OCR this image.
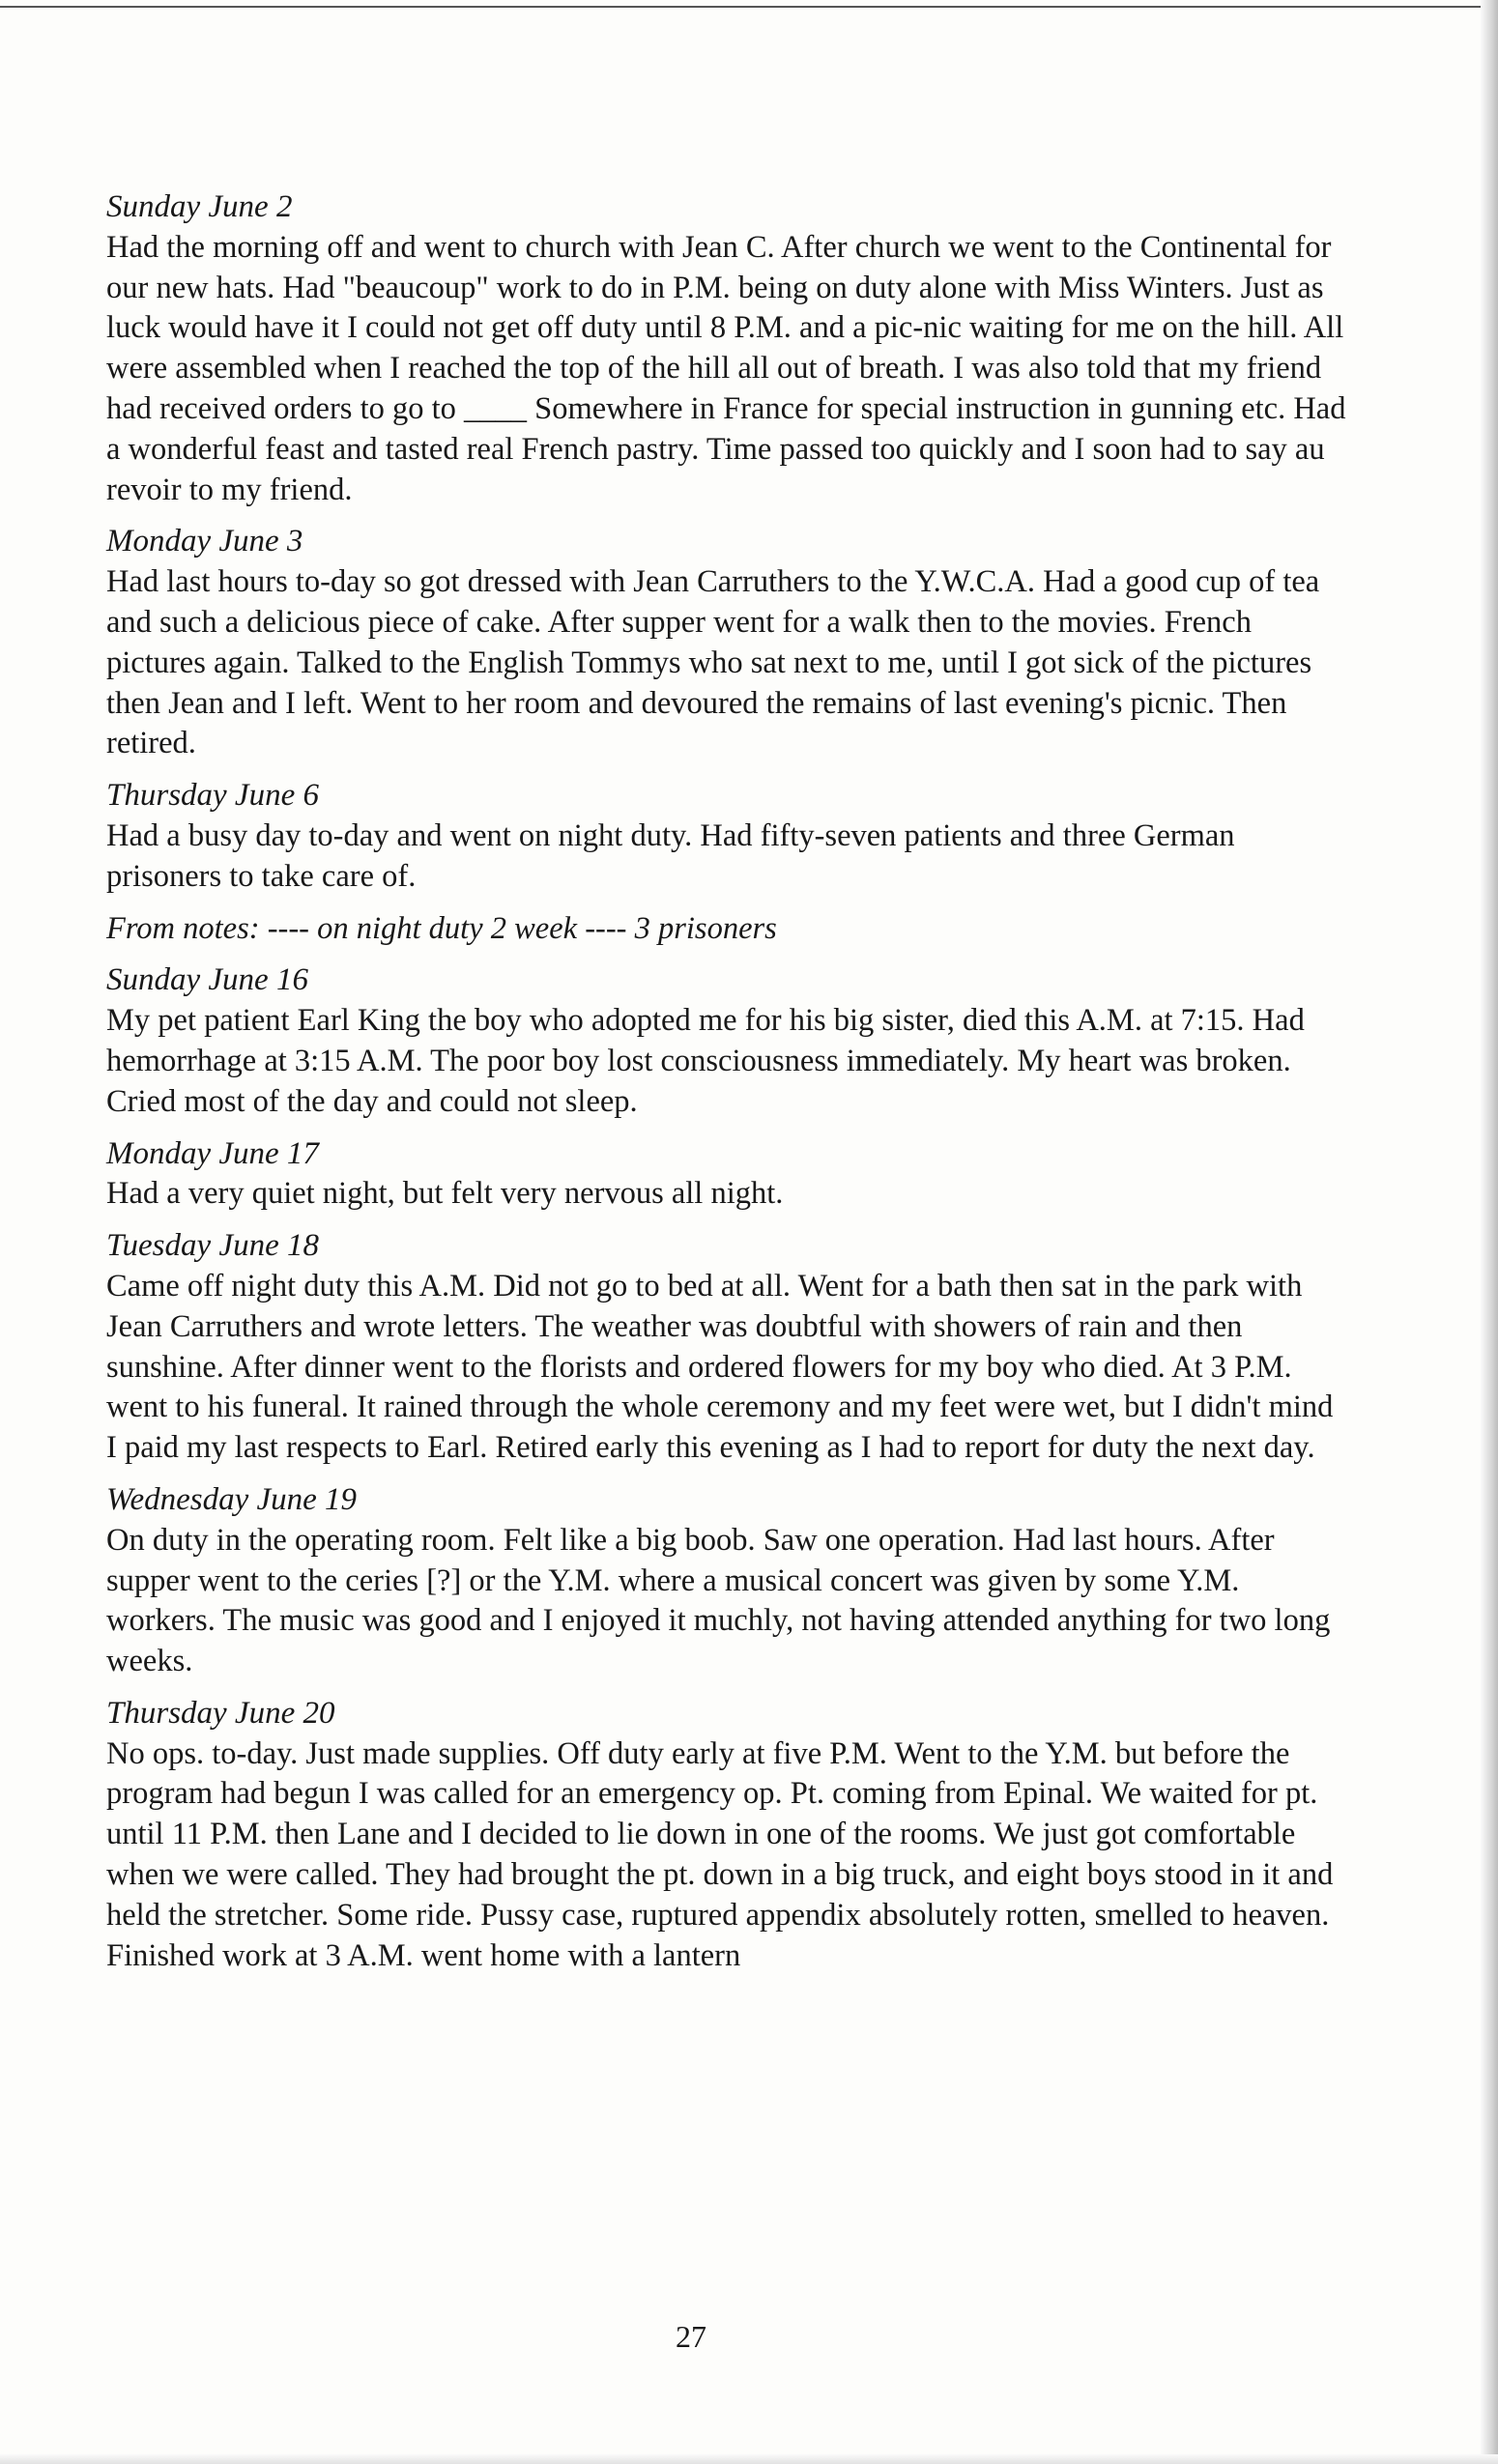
Sunday June 2
Had the morning off and went to church with Jean C. After church we went to the Continental for our new hats. Had "beaucoup" work to do in P.M. being on duty alone with Miss Winters. Just as luck would have it I could not get off duty until 8 P.M. and a pic-nic waiting for me on the hill. All were assembled when I reached the top of the hill all out of breath. I was also told that my friend had received orders to go to ____ Somewhere in France for special instruction in gunning etc. Had a wonderful feast and tasted real French pastry. Time passed too quickly and I soon had to say au revoir to my friend.
Monday June 3
Had last hours to-day so got dressed with Jean Carruthers to the Y.W.C.A. Had a good cup of tea and such a delicious piece of cake. After supper went for a walk then to the movies. French pictures again. Talked to the English Tommys who sat next to me, until I got sick of the pictures then Jean and I left. Went to her room and devoured the remains of last evening's picnic. Then retired.
Thursday June 6
Had a busy day to-day and went on night duty. Had fifty-seven patients and three German prisoners to take care of.
From notes: ---- on night duty 2 week ---- 3 prisoners
Sunday June 16
My pet patient Earl King the boy who adopted me for his big sister, died this A.M. at 7:15. Had hemorrhage at 3:15 A.M. The poor boy lost consciousness immediately. My heart was broken. Cried most of the day and could not sleep.
Monday June 17
Had a very quiet night, but felt very nervous all night.
Tuesday June 18
Came off night duty this A.M. Did not go to bed at all. Went for a bath then sat in the park with Jean Carruthers and wrote letters. The weather was doubtful with showers of rain and then sunshine. After dinner went to the florists and ordered flowers for my boy who died. At 3 P.M. went to his funeral. It rained through the whole ceremony and my feet were wet, but I didn't mind I paid my last respects to Earl. Retired early this evening as I had to report for duty the next day.
Wednesday June 19
On duty in the operating room. Felt like a big boob. Saw one operation. Had last hours. After supper went to the ceries [?] or the Y.M. where a musical concert was given by some Y.M. workers. The music was good and I enjoyed it muchly, not having attended anything for two long weeks.
Thursday June 20
No ops. to-day. Just made supplies. Off duty early at five P.M. Went to the Y.M. but before the program had begun I was called for an emergency op. Pt. coming from Epinal. We waited for pt. until 11 P.M. then Lane and I decided to lie down in one of the rooms. We just got comfortable when we were called. They had brought the pt. down in a big truck, and eight boys stood in it and held the stretcher. Some ride. Pussy case, ruptured appendix absolutely rotten, smelled to heaven. Finished work at 3 A.M. went home with a lantern
27
